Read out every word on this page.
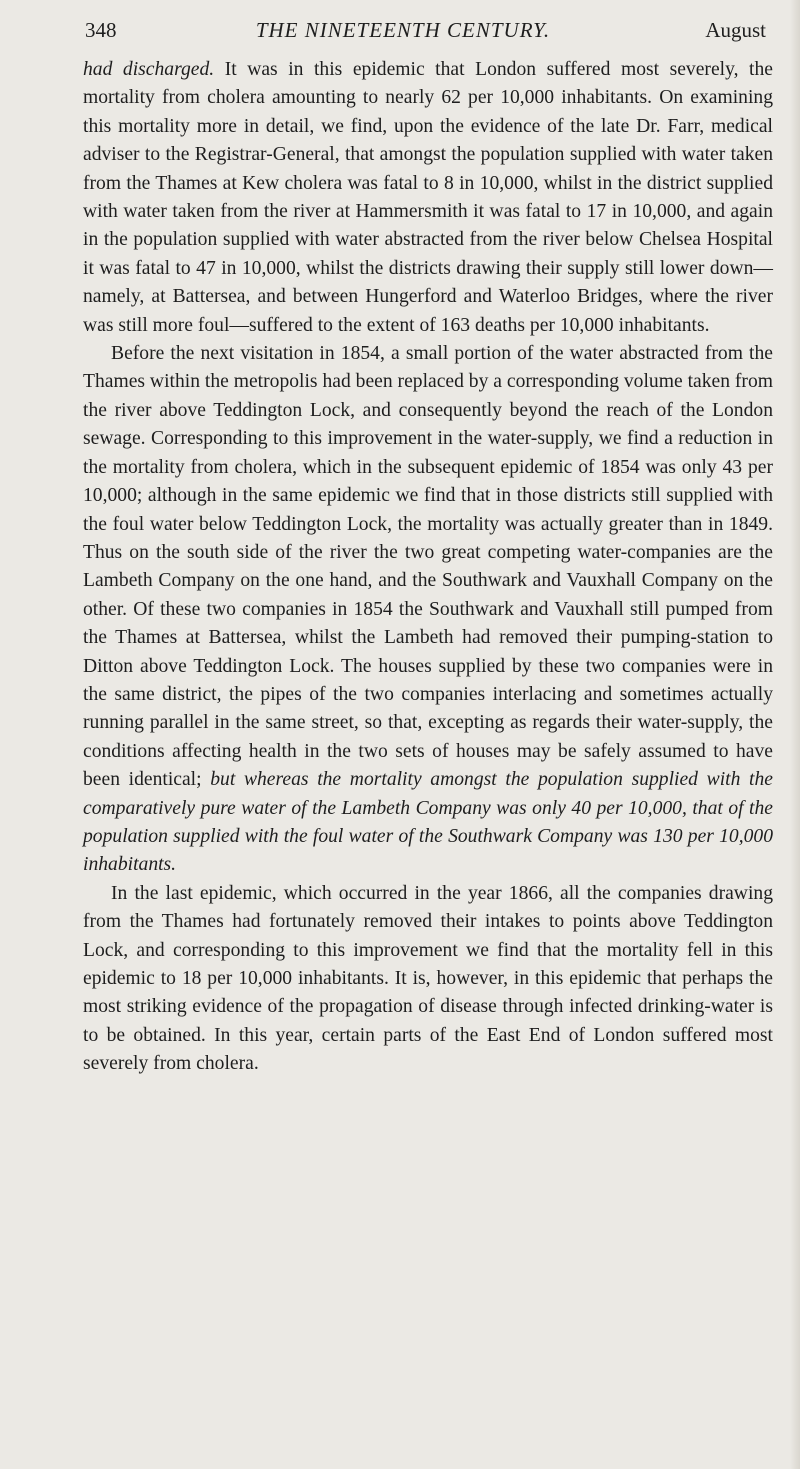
348	THE NINETEENTH CENTURY.	August

had discharged. It was in this epidemic that London suffered most severely, the mortality from cholera amounting to nearly 62 per 10,000 inhabitants. On examining this mortality more in detail, we find, upon the evidence of the late Dr. Farr, medical adviser to the Registrar-General, that amongst the population supplied with water taken from the Thames at Kew cholera was fatal to 8 in 10,000, whilst in the district supplied with water taken from the river at Hammersmith it was fatal to 17 in 10,000, and again in the population supplied with water abstracted from the river below Chelsea Hospital it was fatal to 47 in 10,000, whilst the districts drawing their supply still lower down—namely, at Battersea, and between Hungerford and Waterloo Bridges, where the river was still more foul—suffered to the extent of 163 deaths per 10,000 inhabitants.

Before the next visitation in 1854, a small portion of the water abstracted from the Thames within the metropolis had been replaced by a corresponding volume taken from the river above Teddington Lock, and consequently beyond the reach of the London sewage. Corresponding to this improvement in the water-supply, we find a reduction in the mortality from cholera, which in the subsequent epidemic of 1854 was only 43 per 10,000; although in the same epidemic we find that in those districts still supplied with the foul water below Teddington Lock, the mortality was actually greater than in 1849. Thus on the south side of the river the two great competing water-companies are the Lambeth Company on the one hand, and the Southwark and Vauxhall Company on the other. Of these two companies in 1854 the Southwark and Vauxhall still pumped from the Thames at Battersea, whilst the Lambeth had removed their pumping-station to Ditton above Teddington Lock. The houses supplied by these two companies were in the same district, the pipes of the two companies interlacing and sometimes actually running parallel in the same street, so that, excepting as regards their water-supply, the conditions affecting health in the two sets of houses may be safely assumed to have been identical; but whereas the mortality amongst the population supplied with the comparatively pure water of the Lambeth Company was only 40 per 10,000, that of the population supplied with the foul water of the Southwark Company was 130 per 10,000 inhabitants.

In the last epidemic, which occurred in the year 1866, all the companies drawing from the Thames had fortunately removed their intakes to points above Teddington Lock, and corresponding to this improvement we find that the mortality fell in this epidemic to 18 per 10,000 inhabitants. It is, however, in this epidemic that perhaps the most striking evidence of the propagation of disease through infected drinking-water is to be obtained. In this year, certain parts of the East End of London suffered most severely from cholera.
